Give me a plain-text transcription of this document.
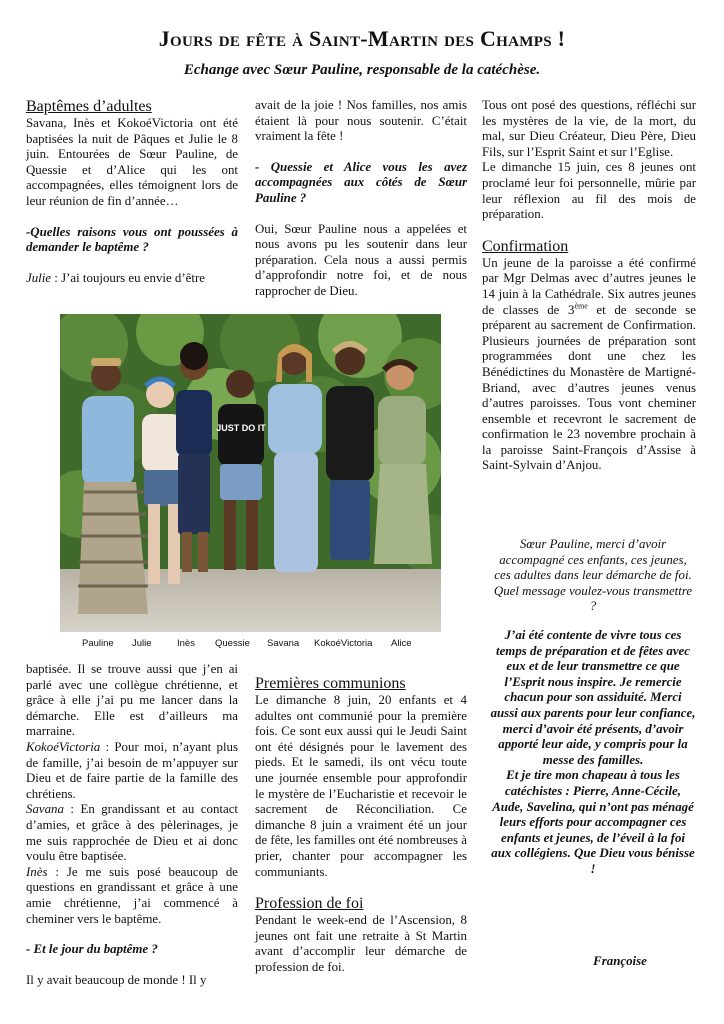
Jours de fête à Saint-Martin des Champs !

Echange avec Sœur Pauline, responsable de la catéchèse.

Baptêmes d’adultes

Savana, Inès et KokoéVictoria ont été baptisées la nuit de Pâques et Julie le 8 juin. Entourées de Sœur Pauline, de Quessie et d’Alice qui les ont accompagnées, elles témoignent lors de leur réunion de fin d’année…

-Quelles raisons vous ont poussées à demander le baptême ?

Julie : J’ai toujours eu envie d’être

avait de la joie ! Nos familles, nos amis étaient là pour nous soutenir. C’était vraiment la fête !

- Quessie et Alice vous les avez accompagnées aux côtés de Sœur Pauline ?

Oui, Sœur Pauline nous a appelées et nous avons pu les soutenir dans leur préparation. Cela nous a aussi permis d’approfondir notre foi, et de nous rapprocher de Dieu.

Tous ont posé des questions, réfléchi sur les mystères de la vie, de la mort, du mal, sur Dieu Créateur, Dieu Père, Dieu Fils, sur l’Esprit Saint et sur l’Eglise.

Le dimanche 15 juin, ces 8 jeunes ont proclamé leur foi personnelle, mûrie par leur réflexion au fil des mois de préparation.

Confirmation

Un jeune de la paroisse a été confirmé par Mgr Delmas avec d’autres jeunes le 14 juin à la Cathédrale. Six autres jeunes de classes de 3ème et de seconde se préparent au sacrement de Confirmation. Plusieurs journées de préparation sont programmées dont une chez les Bénédictines du Monastère de Martigné-Briand, avec d’autres jeunes venus d’autres paroisses. Tous vont cheminer ensemble et recevront le sacrement de confirmation le 23 novembre prochain à la paroisse Saint-François d’Assise à Saint-Sylvain d’Anjou.

Sœur Pauline, merci d’avoir accompagné ces enfants, ces jeunes, ces adultes dans leur démarche de foi. Quel message voulez-vous transmettre ?

J’ai été contente de vivre tous ces temps de préparation et de fêtes avec eux et de leur transmettre ce que l’Esprit nous inspire. Je remercie chacun pour son assiduité. Merci aussi aux parents pour leur confiance, merci d’avoir été présents, d’avoir apporté leur aide, y compris pour la messe des familles.

Et je tire mon chapeau à tous les catéchistes : Pierre, Anne-Cécile, Aude, Savelina, qui n’ont pas ménagé leurs efforts pour accompagner ces enfants et jeunes, de l’éveil à la foi aux collégiens. Que Dieu vous bénisse !

Françoise

JUST DO IT
Pauline Julie	Inès Quessie Savana KokoéVictoria Alice

baptisée. Il se trouve aussi que j’en ai parlé avec une collègue chrétienne, et grâce à elle j’ai pu me lancer dans la démarche. Elle est d’ailleurs ma marraine.

KokoéVictoria : Pour moi, n’ayant plus de famille, j’ai besoin de m’appuyer sur Dieu et de faire partie de la famille des chrétiens.

Savana : En grandissant et au contact d’amies, et grâce à des pèlerinages, je me suis rapprochée de Dieu et ai donc voulu être baptisée.

Inès : Je me suis posé beaucoup de questions en grandissant et grâce à une amie chrétienne, j’ai commencé à cheminer vers le baptême.

- Et le jour du baptême ?

Il y avait beaucoup de monde ! Il y

Premières communions

Le dimanche 8 juin, 20 enfants et 4 adultes ont communié pour la première fois. Ce sont eux aussi qui le Jeudi Saint ont été désignés pour le lavement des pieds. Et le samedi, ils ont vécu toute une journée ensemble pour approfondir le mystère de l’Eucharistie et recevoir le sacrement de Réconciliation. Ce dimanche 8 juin a vraiment été un jour de fête, les familles ont été nombreuses à prier, chanter pour accompagner les communiants.

Profession de foi

Pendant le week-end de l’Ascension, 8 jeunes ont fait une retraite à St Martin avant d’accomplir leur démarche de profession de foi.
